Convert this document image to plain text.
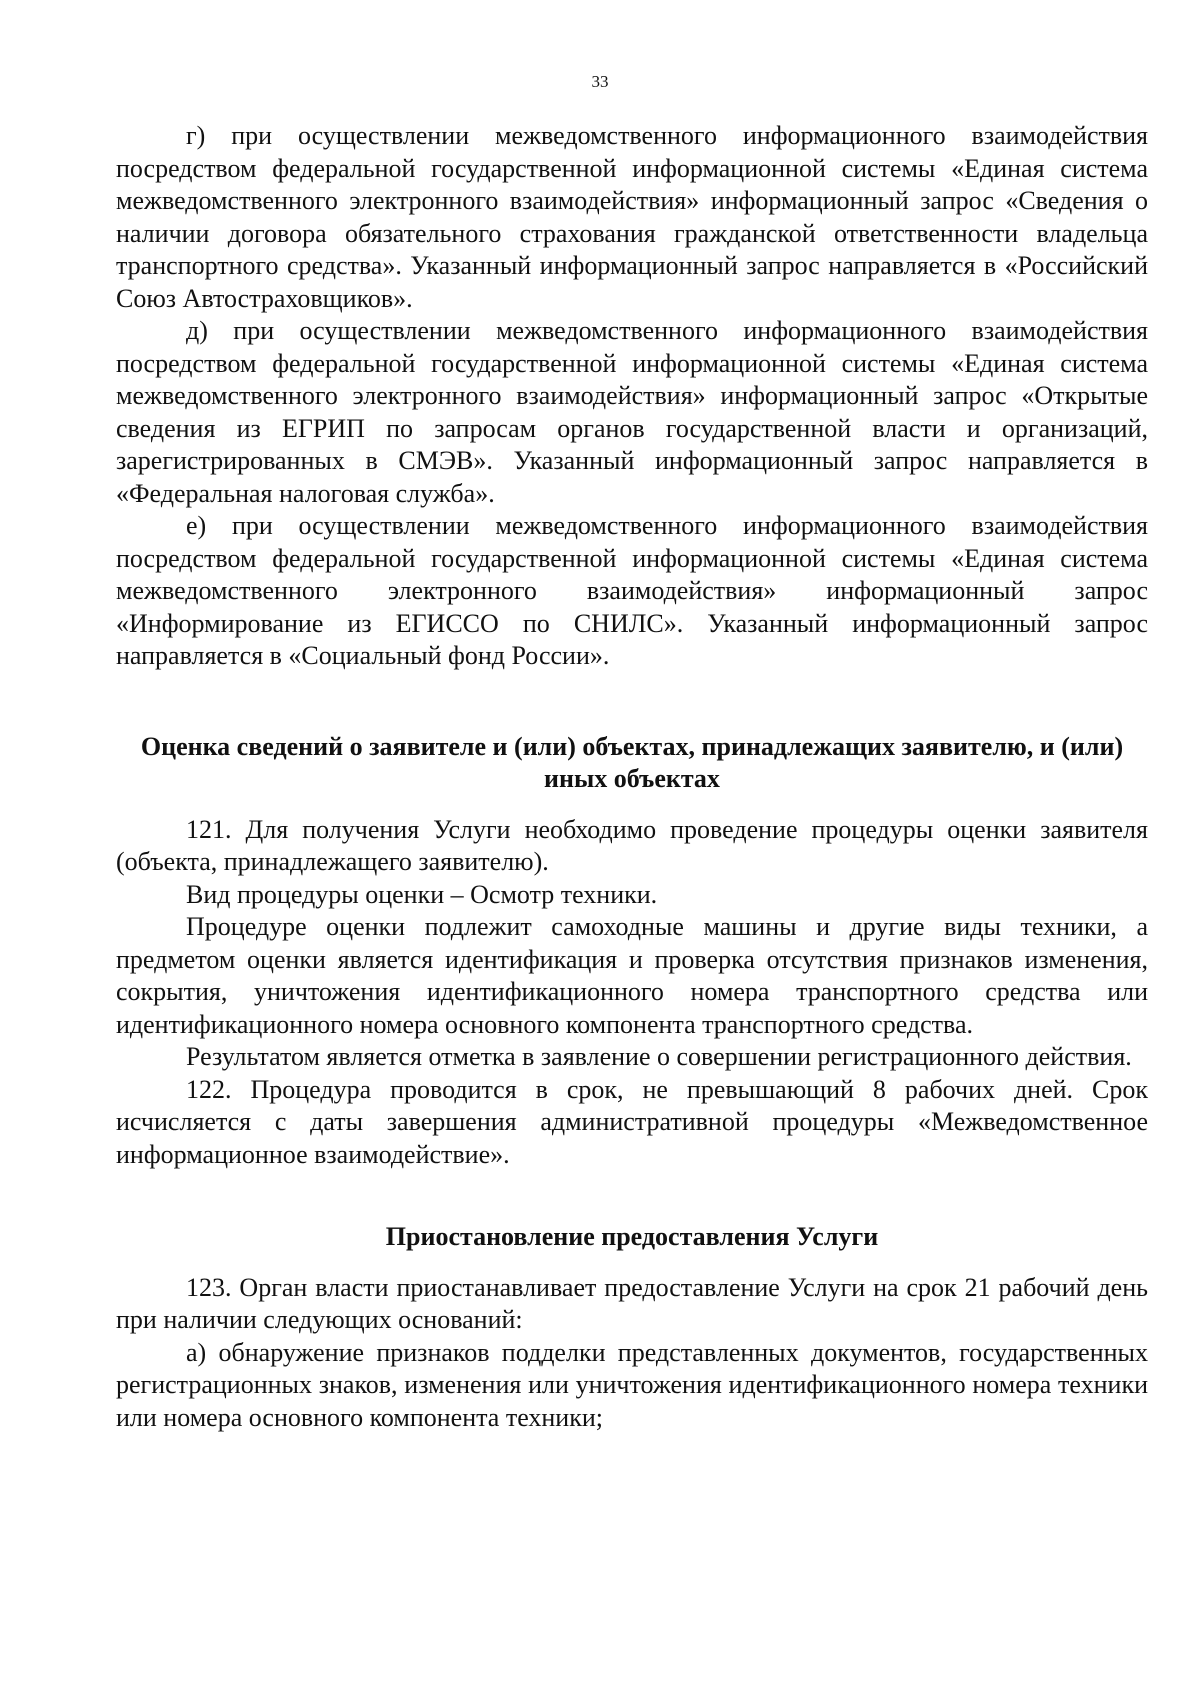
33

г) при осуществлении межведомственного информационного взаимодействия посредством федеральной государственной информационной системы «Единая система межведомственного электронного взаимодействия» информационный запрос «Сведения о наличии договора обязательного страхования гражданской ответственности владельца транспортного средства». Указанный информационный запрос направляется в «Российский Союз Автостраховщиков».

д) при осуществлении межведомственного информационного взаимодействия посредством федеральной государственной информационной системы «Единая система межведомственного электронного взаимодействия» информационный запрос «Открытые сведения из ЕГРИП по запросам органов государственной власти и организаций, зарегистрированных в СМЭВ». Указанный информационный запрос направляется в «Федеральная налоговая служба».

е) при осуществлении межведомственного информационного взаимодействия посредством федеральной государственной информационной системы «Единая система межведомственного электронного взаимодействия» информационный запрос «Информирование из ЕГИССО по СНИЛС». Указанный информационный запрос направляется в «Социальный фонд России».

Оценка сведений о заявителе и (или) объектах, принадлежащих заявителю, и (или) иных объектах

121. Для получения Услуги необходимо проведение процедуры оценки заявителя (объекта, принадлежащего заявителю).

Вид процедуры оценки – Осмотр техники.

Процедуре оценки подлежит самоходные машины и другие виды техники, а предметом оценки является идентификация и проверка отсутствия признаков изменения, сокрытия, уничтожения идентификационного номера транспортного средства или идентификационного номера основного компонента транспортного средства.

Результатом является отметка в заявление о совершении регистрационного действия.

122. Процедура проводится в срок, не превышающий 8 рабочих дней. Срок исчисляется с даты завершения административной процедуры «Межведомственное информационное взаимодействие».

Приостановление предоставления Услуги

123. Орган власти приостанавливает предоставление Услуги на срок 21 рабочий день при наличии следующих оснований:

а) обнаружение признаков подделки представленных документов, государственных регистрационных знаков, изменения или уничтожения идентификационного номера техники или номера основного компонента техники;
